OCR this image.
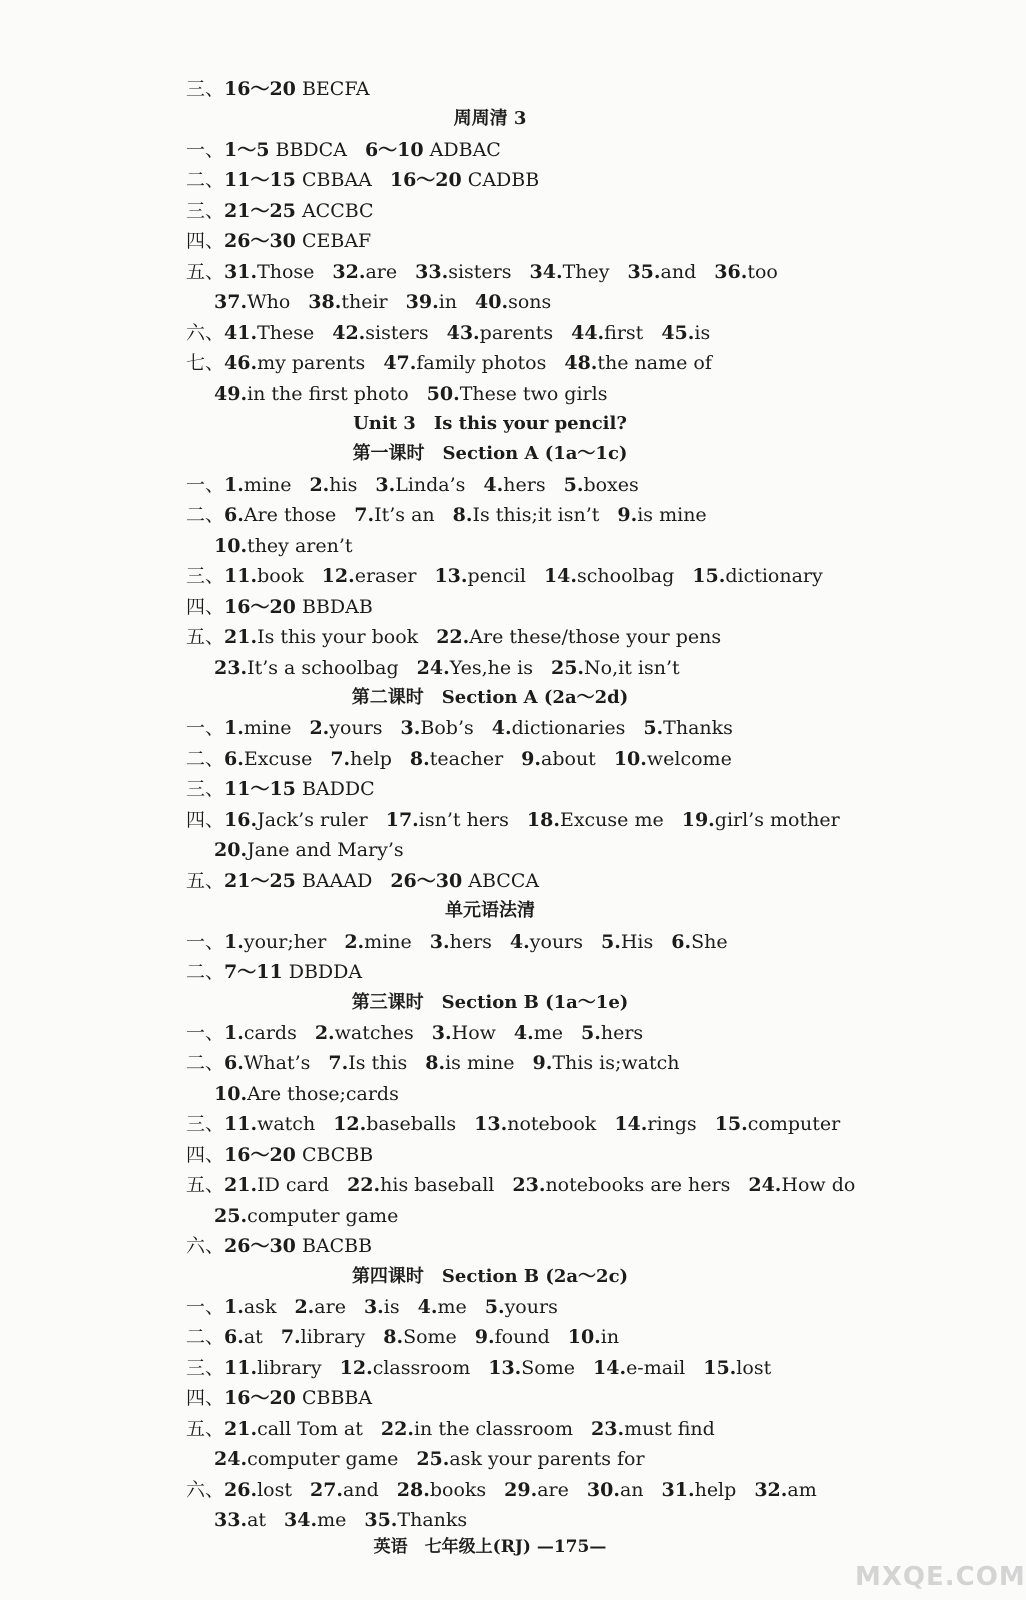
三、16～20 BECFA
周周清 3
一、1～5 BBDCA 6～10 ADBAC
二、11～15 CBBAA 16～20 CADBB
三、21～25 ACCBC
四、26～30 CEBAF
五、31.Those 32.are 33.sisters 34.They 35.and 36.too
37.Who 38.their 39.in 40.sons
六、41.These 42.sisters 43.parents 44.first 45.is
七、46.my parents 47.family photos 48.the name of
49.in the first photo 50.These two girls
Unit 3　Is this your pencil?
第一课时　Section A (1a～1c)
一、1.mine 2.his 3.Linda’s 4.hers 5.boxes
二、6.Are those 7.It’s an 8.Is this;it isn’t 9.is mine
10.they aren’t
三、11.book 12.eraser 13.pencil 14.schoolbag 15.dictionary
四、16～20 BBDAB
五、21.Is this your book 22.Are these/those your pens
23.It’s a schoolbag 24.Yes,he is 25.No,it isn’t
第二课时　Section A (2a～2d)
一、1.mine 2.yours 3.Bob’s 4.dictionaries 5.Thanks
二、6.Excuse 7.help 8.teacher 9.about 10.welcome
三、11～15 BADDC
四、16.Jack’s ruler 17.isn’t hers 18.Excuse me 19.girl’s mother
20.Jane and Mary’s
五、21～25 BAAAD 26～30 ABCCA
单元语法清
一、1.your;her 2.mine 3.hers 4.yours 5.His 6.She
二、7～11 DBDDA
第三课时　Section B (1a～1e)
一、1.cards 2.watches 3.How 4.me 5.hers
二、6.What’s 7.Is this 8.is mine 9.This is;watch
10.Are those;cards
三、11.watch 12.baseballs 13.notebook 14.rings 15.computer
四、16～20 CBCBB
五、21.ID card 22.his baseball 23.notebooks are hers 24.How do
25.computer game
六、26～30 BACBB
第四课时　Section B (2a～2c)
一、1.ask 2.are 3.is 4.me 5.yours
二、6.at 7.library 8.Some 9.found 10.in
三、11.library 12.classroom 13.Some 14.e-mail 15.lost
四、16～20 CBBBA
五、21.call Tom at 22.in the classroom 23.must find
24.computer game 25.ask your parents for
六、26.lost 27.and 28.books 29.are 30.an 31.help 32.am
33.at 34.me 35.Thanks
英语　七年级上(RJ) —175—
MXQE.COM
